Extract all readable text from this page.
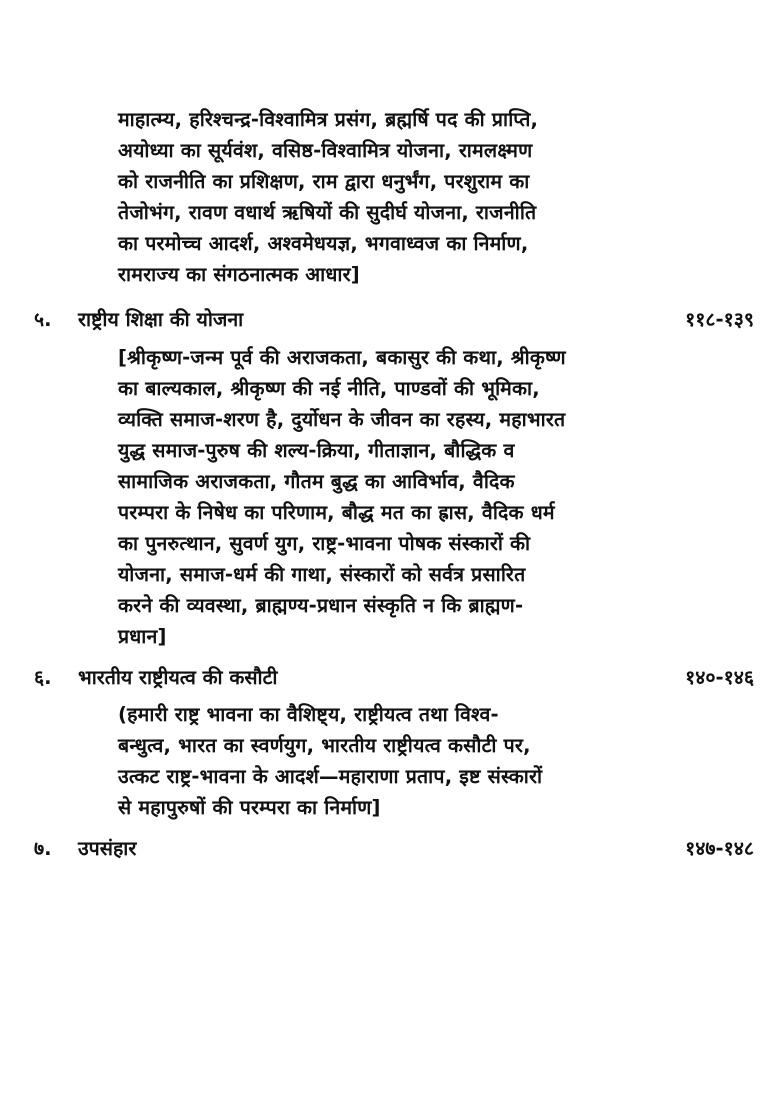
माहात्म्य, हरिश्चन्द्र-विश्वामित्र प्रसंग, ब्रह्मर्षि पद की प्राप्ति,
अयोध्या का सूर्यवंश, वसिष्ठ-विश्वामित्र योजना, रामलक्ष्मण
को राजनीति का प्रशिक्षण, राम द्वारा धनुर्भंग, परशुराम का
तेजोभंग, रावण वधार्थ ऋषियों की सुदीर्घ योजना, राजनीति
का परमोच्च आदर्श, अश्वमेधयज्ञ, भगवाध्वज का निर्माण,
रामराज्य का संगठनात्मक आधार]
५. राष्ट्रीय शिक्षा की योजना	११८-१३९
[श्रीकृष्ण-जन्म पूर्व की अराजकता, बकासुर की कथा, श्रीकृष्ण
का बाल्यकाल, श्रीकृष्ण की नई नीति, पाण्डवों की भूमिका,
व्यक्ति समाज-शरण है, दुर्योधन के जीवन का रहस्य, महाभारत
युद्ध समाज-पुरुष की शल्य-क्रिया, गीताज्ञान, बौद्धिक व
सामाजिक अराजकता, गौतम बुद्ध का आविर्भाव, वैदिक
परम्परा के निषेध का परिणाम, बौद्ध मत का ह्रास, वैदिक धर्म
का पुनरुत्थान, सुवर्ण युग, राष्ट्र-भावना पोषक संस्कारों की
योजना, समाज-धर्म की गाथा, संस्कारों को सर्वत्र प्रसारित
करने की व्यवस्था, ब्राह्मण्य-प्रधान संस्कृति न कि ब्राह्मण-
प्रधान]
६. भारतीय राष्ट्रीयत्व की कसौटी	१४०-१४६
(हमारी राष्ट्र भावना का वैशिष्ट्य, राष्ट्रीयत्व तथा विश्व-
बन्धुत्व, भारत का स्वर्णयुग, भारतीय राष्ट्रीयत्व कसौटी पर,
उत्कट राष्ट्र-भावना के आदर्श—महाराणा प्रताप, इष्ट संस्कारों
से महापुरुषों की परम्परा का निर्माण]
७. उपसंहार	१४७-१४८
